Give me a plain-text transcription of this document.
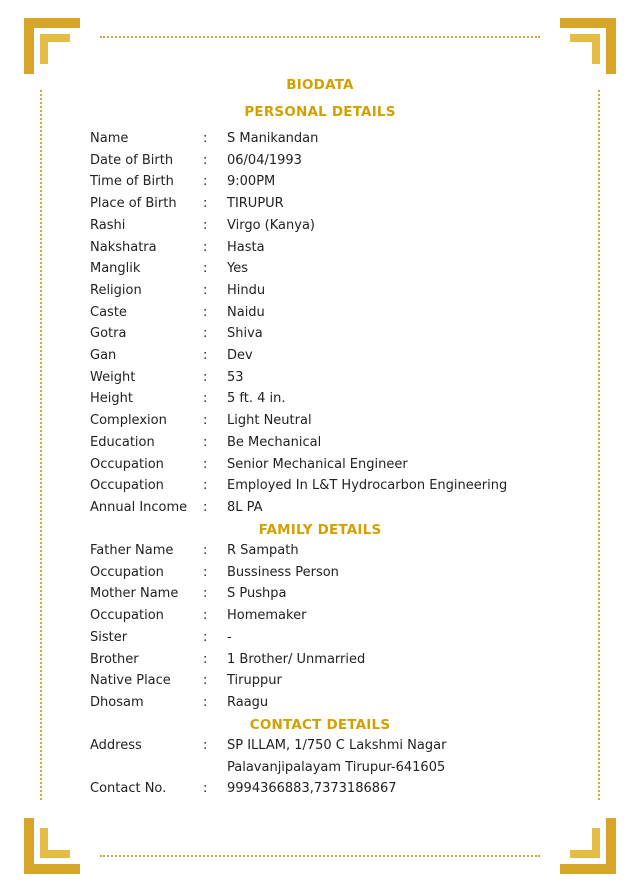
BIODATA
PERSONAL DETAILS
Name	: S Manikandan
Date of Birth	: 06/04/1993
Time of Birth	: 9:00PM
Place of Birth	: TIRUPUR
Rashi	: Virgo (Kanya)
Nakshatra	: Hasta
Manglik	: Yes
Religion	: Hindu
Caste	: Naidu
Gotra	: Shiva
Gan	: Dev
Weight	: 53
Height	: 5 ft. 4 in.
Complexion	: Light Neutral
Education	: Be Mechanical
Occupation	: Senior Mechanical Engineer
Occupation	: Employed In L&T Hydrocarbon Engineering
Annual Income	: 8L PA
FAMILY DETAILS
Father Name	: R Sampath
Occupation	: Bussiness Person
Mother Name	: S Pushpa
Occupation	: Homemaker
Sister	: -
Brother	: 1 Brother/ Unmarried
Native Place	: Tiruppur
Dhosam	: Raagu
CONTACT DETAILS
Address	: SP ILLAM, 1/750 C Lakshmi Nagar
Palavanjipalayam Tirupur-641605
Contact No.	: 9994366883,7373186867
